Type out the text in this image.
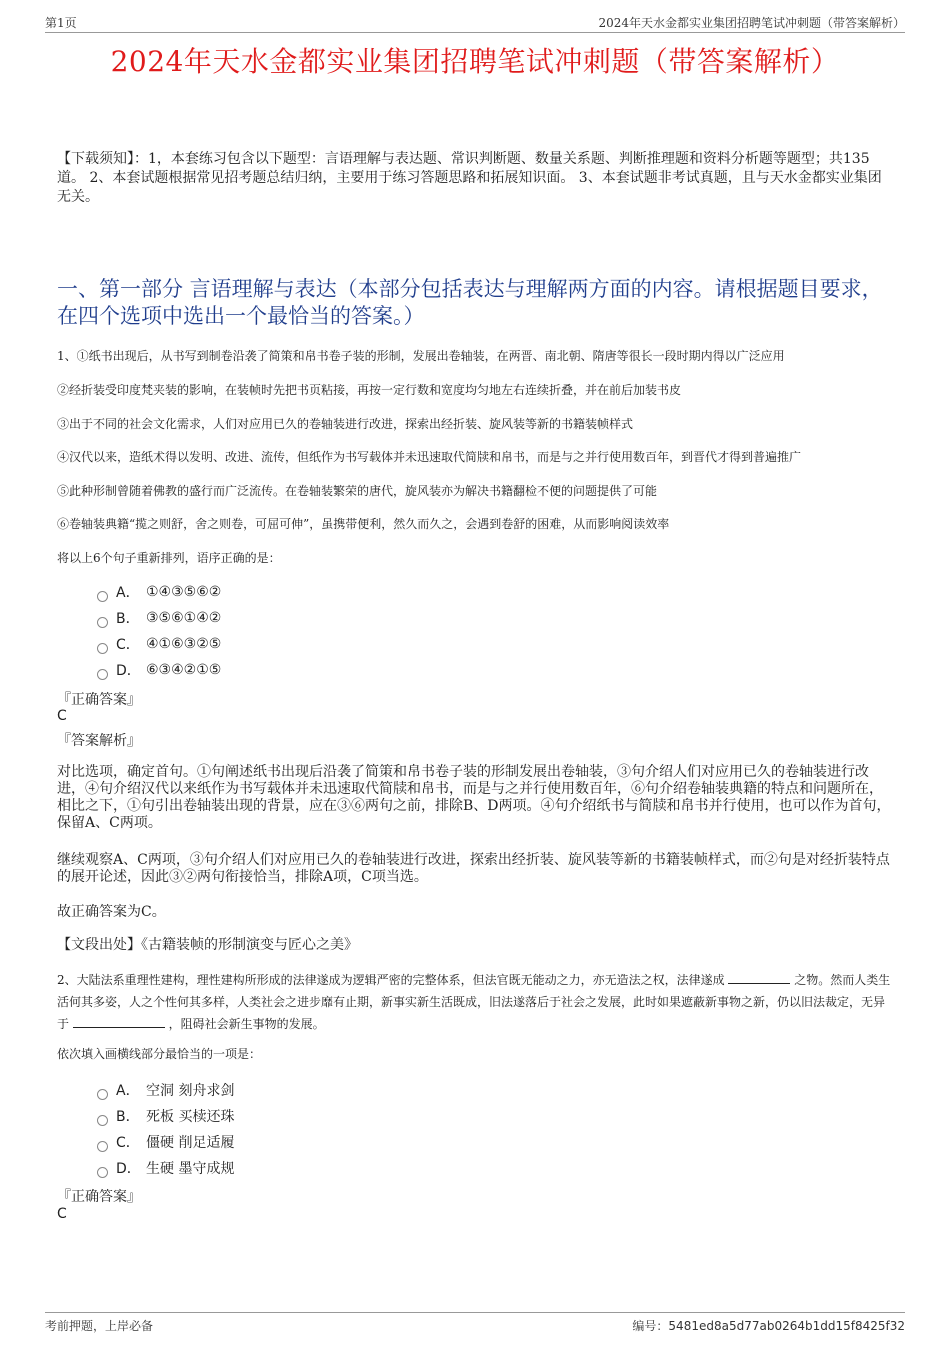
第1页	2024年天水金都实业集团招聘笔试冲刺题（带答案解析）
2024年天水金都实业集团招聘笔试冲刺题（带答案解析）
【下载须知】：1，本套练习包含以下题型：言语理解与表达题、常识判断题、数量关系题、判断推理题和资料分析题等题型；共135道。 2、本套试题根据常见招考题总结归纳，主要用于练习答题思路和拓展知识面。 3、本套试题非考试真题，且与天水金都实业集团无关。
一、第一部分 言语理解与表达（本部分包括表达与理解两方面的内容。请根据题目要求，在四个选项中选出一个最恰当的答案。）
1、①纸书出现后，从书写到制卷沿袭了简策和帛书卷子装的形制，发展出卷轴装，在两晋、南北朝、隋唐等很长一段时期内得以广泛应用
②经折装受印度梵夹装的影响，在装帧时先把书页粘接，再按一定行数和宽度均匀地左右连续折叠，并在前后加装书皮
③出于不同的社会文化需求，人们对应用已久的卷轴装进行改进，探索出经折装、旋风装等新的书籍装帧样式
④汉代以来，造纸术得以发明、改进、流传，但纸作为书写载体并未迅速取代简牍和帛书，而是与之并行使用数百年，到晋代才得到普遍推广
⑤此种形制曾随着佛教的盛行而广泛流传。在卷轴装繁荣的唐代，旋风装亦为解决书籍翻检不便的问题提供了可能
⑥卷轴装典籍“揽之则舒，舍之则卷，可屈可伸”，虽携带便利，然久而久之，会遇到卷舒的困难，从而影响阅读效率
将以上6个句子重新排列，语序正确的是：
A． ①④③⑤⑥②
B． ③⑤⑥①④②
C． ④①⑥③②⑤
D． ⑥③④②①⑤
『正确答案』
C
『答案解析』
对比选项，确定首句。①句阐述纸书出现后沿袭了简策和帛书卷子装的形制发展出卷轴装，③句介绍人们对应用已久的卷轴装进行改进，④句介绍汉代以来纸作为书写载体并未迅速取代简牍和帛书，而是与之并行使用数百年，⑥句介绍卷轴装典籍的特点和问题所在，相比之下，①句引出卷轴装出现的背景，应在③⑥两句之前，排除B、D两项。④句介绍纸书与简牍和帛书并行使用，也可以作为首句，保留A、C两项。
继续观察A、C两项，③句介绍人们对应用已久的卷轴装进行改进，探索出经折装、旋风装等新的书籍装帧样式，而②句是对经折装特点的展开论述，因此③②两句衔接恰当，排除A项，C项当选。
故正确答案为C。
【文段出处】《古籍装帧的形制演变与匠心之美》
2、大陆法系重理性建构，理性建构所形成的法律遂成为逻辑严密的完整体系，但法官既无能动之力，亦无造法之权，法律遂成	之物。然而人类生活何其多姿，人之个性何其多样，人类社会之进步靡有止期，新事实新生活既成，旧法遂落后于社会之发展，此时如果遮蔽新事物之新，仍以旧法裁定，无异于	，阻碍社会新生事物的发展。
依次填入画横线部分最恰当的一项是：
A． 空洞 刻舟求剑
B． 死板 买椟还珠
C． 僵硬 削足适履
D． 生硬 墨守成规
『正确答案』
C
考前押题，上岸必备	编号：5481ed8a5d77ab0264b1dd15f8425f32
